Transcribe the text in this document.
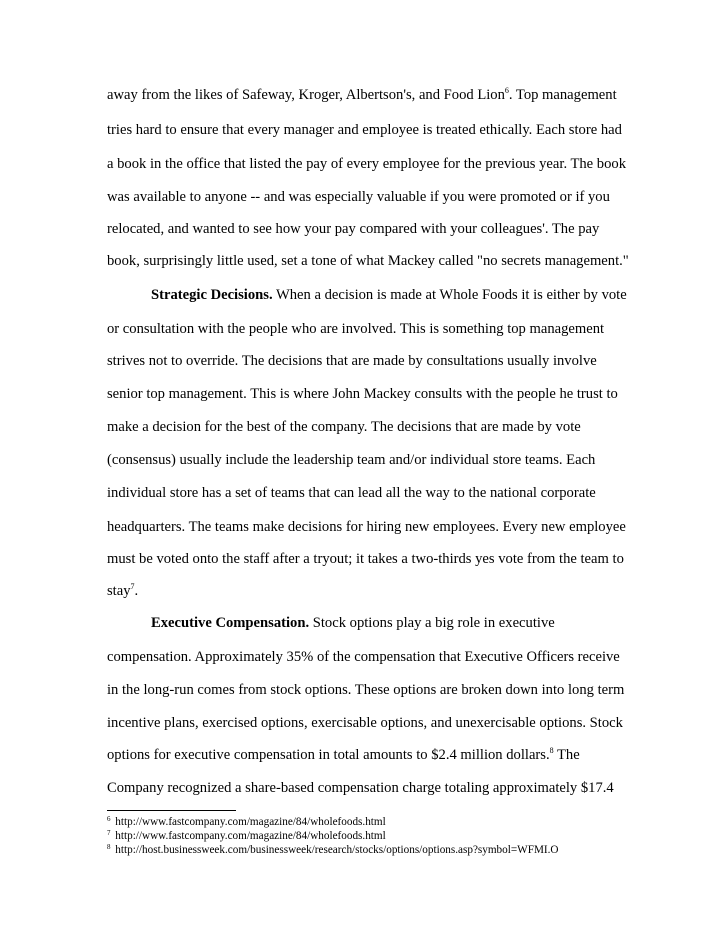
away from the likes of Safeway, Kroger, Albertson's, and Food Lion$^6$. Top management
tries hard to ensure that every manager and employee is treated ethically. Each store had
a book in the office that listed the pay of every employee for the previous year. The book
was available to anyone -- and was especially valuable if you were promoted or if you
relocated, and wanted to see how your pay compared with your colleagues'. The pay
book, surprisingly little used, set a tone of what Mackey called "no secrets management."
Strategic Decisions. When a decision is made at Whole Foods it is either by vote
or consultation with the people who are involved. This is something top management
strives not to override. The decisions that are made by consultations usually involve
senior top management. This is where John Mackey consults with the people he trust to
make a decision for the best of the company. The decisions that are made by vote
(consensus) usually include the leadership team and/or individual store teams. Each
individual store has a set of teams that can lead all the way to the national corporate
headquarters. The teams make decisions for hiring new employees. Every new employee
must be voted onto the staff after a tryout; it takes a two-thirds yes vote from the team to
stay$^7$.
Executive Compensation. Stock options play a big role in executive
compensation. Approximately 35% of the compensation that Executive Officers receive
in the long-run comes from stock options. These options are broken down into long term
incentive plans, exercised options, exercisable options, and unexercisable options. Stock
options for executive compensation in total amounts to $2.4 million dollars.$^8$ The
Company recognized a share-based compensation charge totaling approximately $17.4
$^6$ http://www.fastcompany.com/magazine/84/wholefoods.html
$^7$ http://www.fastcompany.com/magazine/84/wholefoods.html
$^8$ http://host.businessweek.com/businessweek/research/stocks/options/options.asp?symbol=WFMI.O
